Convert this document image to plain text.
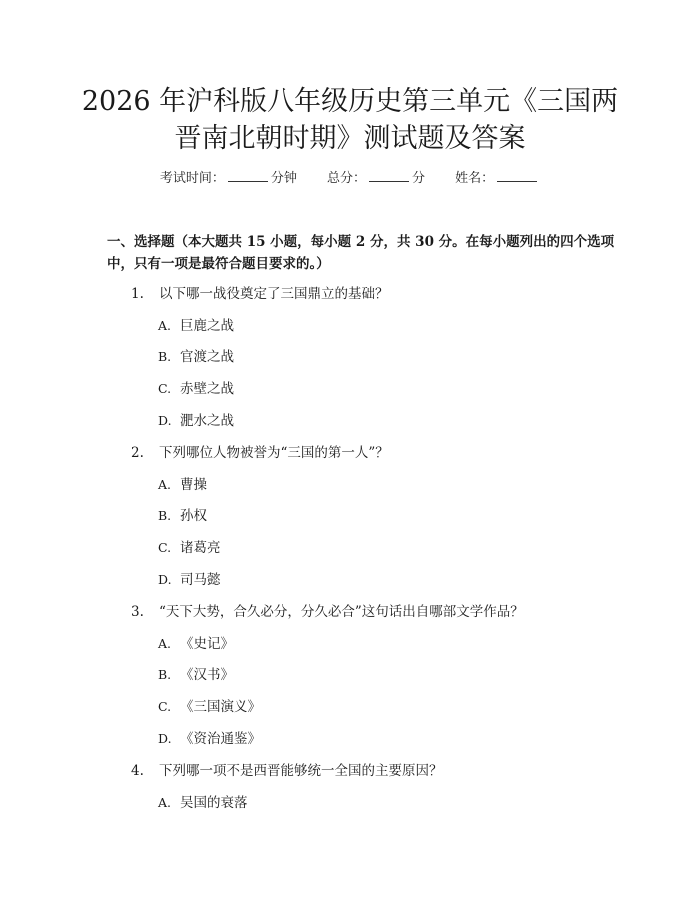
2026 年沪科版八年级历史第三单元《三国两
晋南北朝时期》测试题及答案
考试时间：	分钟 总分：	分 姓名：
一、选择题（本大题共 15 小题，每小题 2 分，共 30 分。在每小题列出的四个选项中，只有一项是最符合题目要求的。）
1. 以下哪一战役奠定了三国鼎立的基础？
A. 巨鹿之战
B. 官渡之战
C. 赤壁之战
D. 淝水之战
2. 下列哪位人物被誉为“三国的第一人”？
A. 曹操
B. 孙权
C. 诸葛亮
D. 司马懿
3. “天下大势，合久必分，分久必合”这句话出自哪部文学作品？
A. 《史记》
B. 《汉书》
C. 《三国演义》
D. 《资治通鉴》
4. 下列哪一项不是西晋能够统一全国的主要原因？
A. 吴国的衰落
